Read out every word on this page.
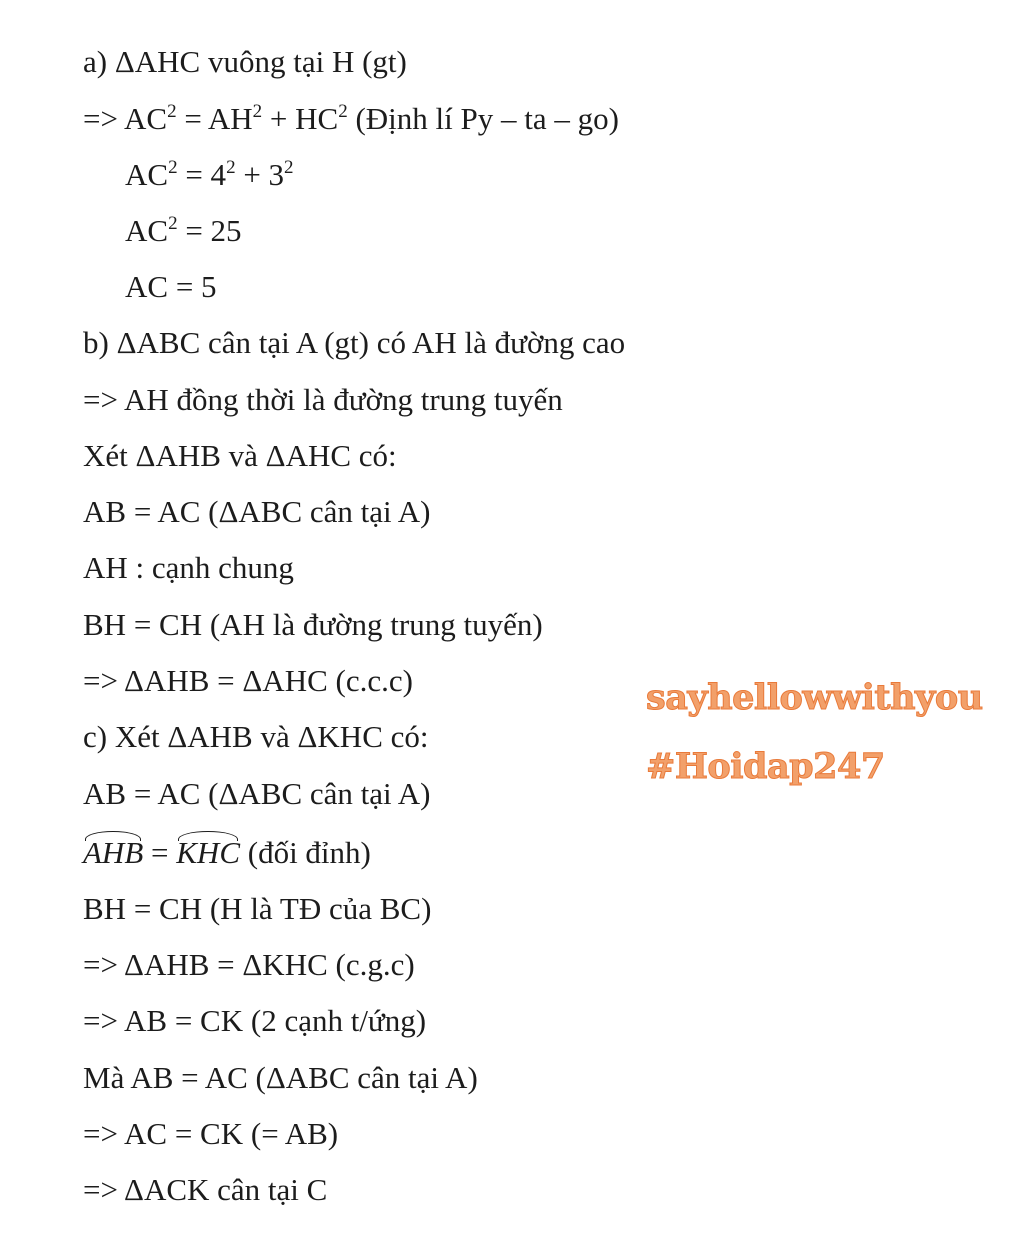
a) ΔAHC vuông tại H (gt)
=> $AC^2 = AH^2 + HC^2$ (Định lí Py – ta – go)
$AC^2 = 4^2 + 3^2$
$AC^2 = 25$
AC = 5
b) ΔABC cân tại A (gt) có AH là đường cao
=> AH đồng thời là đường trung tuyến
Xét ΔAHB và ΔAHC có:
AB = AC (ΔABC cân tại A)
AH : cạnh chung
BH = CH (AH là đường trung tuyến)
=> ΔAHB = ΔAHC (c.c.c)
c) Xét ΔAHB và ΔKHC có:
AB = AC (ΔABC cân tại A)
AHB = KHC (đối đỉnh)
BH = CH (H là TĐ của BC)
=> ΔAHB = ΔKHC (c.g.c)
=> AB = CK (2 cạnh t/ứng)
Mà AB = AC (ΔABC cân tại A)
=> AC = CK (= AB)
=> ΔACK cân tại C
sayhellowwithyou
#Hoidap247
